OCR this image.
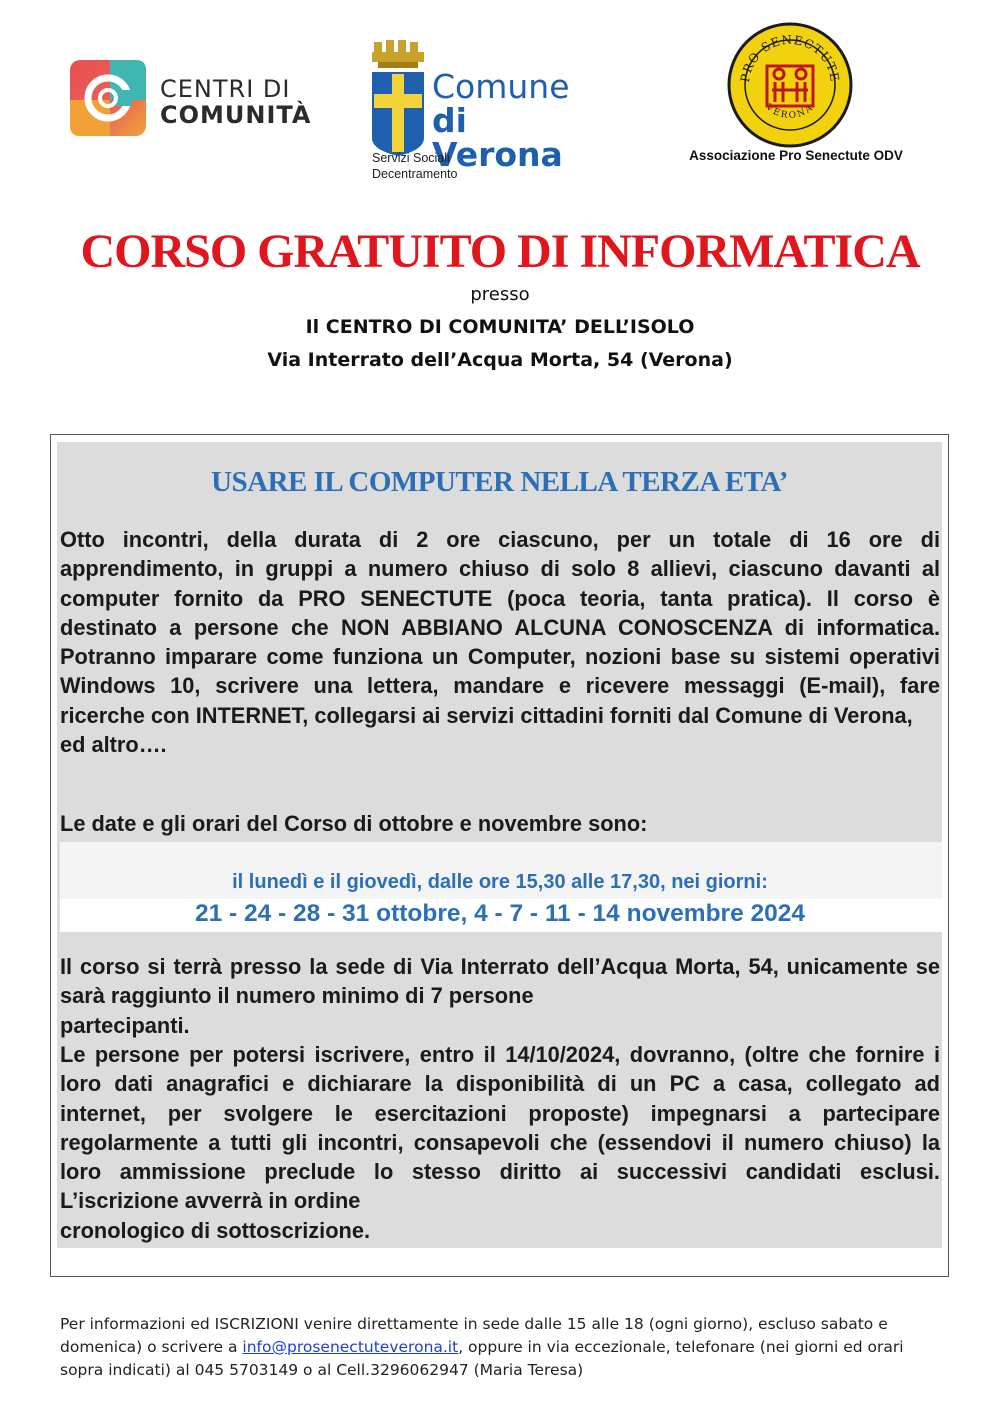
CENTRI DI
COMUNITÀ
Comune
di Verona
Servizi Sociali
Decentramento
PRO SENECTUTE
VERONA
Associazione Pro Senectute ODV
CORSO GRATUITO DI INFORMATICA
presso
Il CENTRO DI COMUNITA’ DELL’ISOLO
Via Interrato dell’Acqua Morta, 54 (Verona)
USARE IL COMPUTER NELLA TERZA ETA’

Otto incontri, della durata di 2 ore ciascuno, per un totale di 16 ore di apprendimento, in gruppi a numero chiuso di solo 8 allievi, ciascuno davanti al computer fornito da PRO SENECTUTE (poca teoria, tanta pratica). Il corso è destinato a persone che NON ABBIANO ALCUNA CONOSCENZA di informatica. Potranno imparare come funziona un Computer, nozioni base su sistemi operativi Windows 10, scrivere una lettera, mandare e ricevere messaggi (E-mail), fare ricerche con INTERNET, collegarsi ai servizi cittadini forniti dal Comune di Verona,
ed altro….

Le date e gli orari del Corso di ottobre e novembre sono:
il lunedì e il giovedì, dalle ore 15,30 alle 17,30, nei giorni:
21 - 24 - 28 - 31 ottobre, 4 - 7 - 11 - 14 novembre 2024

Il corso si terrà presso la sede di Via Interrato dell’Acqua Morta, 54, unicamente se sarà raggiunto il numero minimo di 7 persone
partecipanti.

Le persone per potersi iscrivere, entro il 14/10/2024, dovranno, (oltre che fornire i loro dati anagrafici e dichiarare la disponibilità di un PC a casa, collegato ad internet, per svolgere le esercitazioni proposte) impegnarsi a partecipare regolarmente a tutti gli incontri, consapevoli che (essendovi il numero chiuso) la loro ammissione preclude lo stesso diritto ai successivi candidati esclusi. L’iscrizione avverrà in ordine
cronologico di sottoscrizione.

Per informazioni ed ISCRIZIONI venire direttamente in sede dalle 15 alle 18 (ogni giorno), escluso sabato e domenica) o scrivere a info@prosenectuteverona.it, oppure in via eccezionale, telefonare (nei giorni ed orari sopra indicati) al 045 5703149 o al Cell.3296062947 (Maria Teresa)
